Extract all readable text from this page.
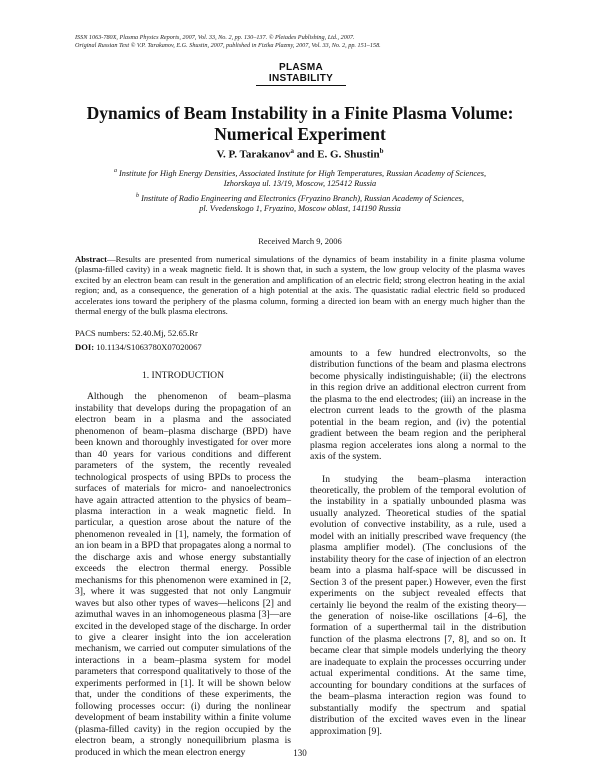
ISSN 1063-780X, Plasma Physics Reports, 2007, Vol. 33, No. 2, pp. 130–137. © Pleiades Publishing, Ltd., 2007.
Original Russian Text © V.P. Tarakanov, E.G. Shustin, 2007, published in Fizika Plazmy, 2007, Vol. 33, No. 2, pp. 151–158.
PLASMA
INSTABILITY
Dynamics of Beam Instability in a Finite Plasma Volume:
Numerical Experiment
V. P. Tarakanov$^a$ and E. G. Shustin$^b$
$^a$ Institute for High Energy Densities, Associated Institute for High Temperatures, Russian Academy of Sciences,
Izhorskaya ul. 13/19, Moscow, 125412 Russia
$^b$ Institute of Radio Engineering and Electronics (Fryazino Branch), Russian Academy of Sciences,
pl. Vvedenskogo 1, Fryazino, Moscow oblast, 141190 Russia
Received March 9, 2006
Abstract—Results are presented from numerical simulations of the dynamics of beam instability in a finite plasma volume (plasma-filled cavity) in a weak magnetic field. It is shown that, in such a system, the low group velocity of the plasma waves excited by an electron beam can result in the generation and amplification of an electric field; strong electron heating in the axial region; and, as a consequence, the generation of a high potential at the axis. The quasistatic radial electric field so produced accelerates ions toward the periphery of the plasma column, forming a directed ion beam with an energy much higher than the thermal energy of the bulk plasma electrons.
PACS numbers: 52.40.Mj, 52.65.Rr
DOI: 10.1134/S1063780X07020067
1. INTRODUCTION

Although the phenomenon of beam–plasma instability that develops during the propagation of an electron beam in a plasma and the associated phenomenon of beam–plasma discharge (BPD) have been known and thoroughly investigated for over more than 40 years for various conditions and different parameters of the system, the recently revealed technological prospects of using BPDs to process the surfaces of materials for micro- and nanoelectronics have again attracted attention to the physics of beam–plasma interaction in a weak magnetic field. In particular, a question arose about the nature of the phenomenon revealed in [1], namely, the formation of an ion beam in a BPD that propagates along a normal to the discharge axis and whose energy substantially exceeds the electron thermal energy. Possible mechanisms for this phenomenon were examined in [2, 3], where it was suggested that not only Langmuir waves but also other types of waves—helicons [2] and azimuthal waves in an inhomogeneous plasma [3]—are excited in the developed stage of the discharge. In order to give a clearer insight into the ion acceleration mechanism, we carried out computer simulations of the interactions in a beam–plasma system for model parameters that correspond qualitatively to those of the experiments performed in [1]. It will be shown below that, under the conditions of these experiments, the following processes occur: (i) during the nonlinear development of beam instability within a finite volume (plasma-filled cavity) in the region occupied by the electron beam, a strongly nonequilibrium plasma is produced in which the mean electron energy

amounts to a few hundred electronvolts, so the distribution functions of the beam and plasma electrons become physically indistinguishable; (ii) the electrons in this region drive an additional electron current from the plasma to the end electrodes; (iii) an increase in the electron current leads to the growth of the plasma potential in the beam region, and (iv) the potential gradient between the beam region and the peripheral plasma region accelerates ions along a normal to the axis of the system.

In studying the beam–plasma interaction theoretically, the problem of the temporal evolution of the instability in a spatially unbounded plasma was usually analyzed. Theoretical studies of the spatial evolution of convective instability, as a rule, used a model with an initially prescribed wave frequency (the plasma amplifier model). (The conclusions of the instability theory for the case of injection of an electron beam into a plasma half-space will be discussed in Section 3 of the present paper.) However, even the first experiments on the subject revealed effects that certainly lie beyond the realm of the existing theory—the generation of noise-like oscillations [4–6], the formation of a superthermal tail in the distribution function of the plasma electrons [7, 8], and so on. It became clear that simple models underlying the theory are inadequate to explain the processes occurring under actual experimental conditions. At the same time, accounting for boundary conditions at the surfaces of the beam–plasma interaction region was found to substantially modify the spectrum and spatial distribution of the excited waves even in the linear approximation [9].

130
